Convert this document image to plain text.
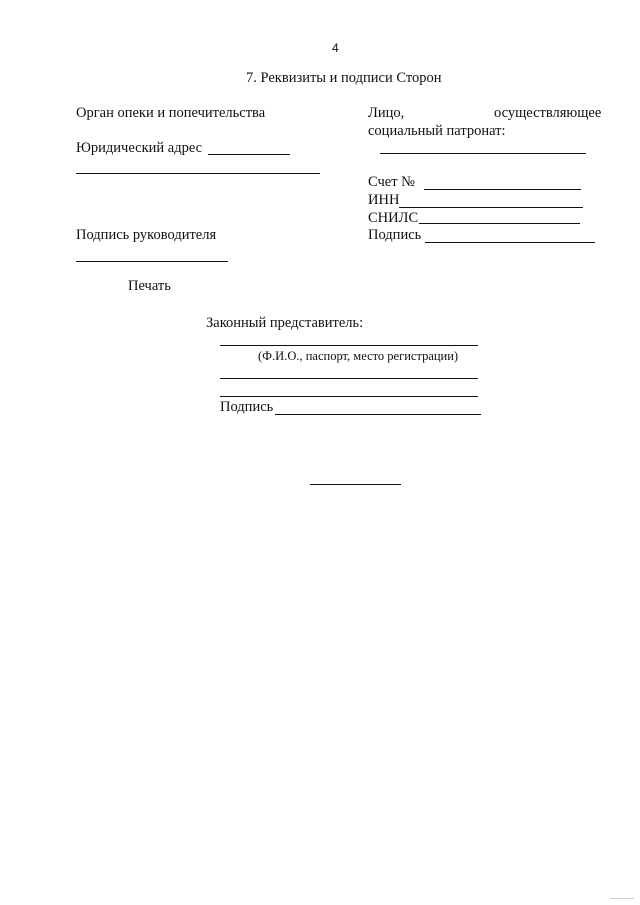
4
7. Реквизиты и подписи Сторон
Орган опеки и попечительства
Юридический адрес
Подпись руководителя
Печать
Лицо,	осуществляющее
социальный патронат:
Счет №
ИНН
СНИЛС
Подпись
Законный представитель:
(Ф.И.О., паспорт, место регистрации)
Подпись
